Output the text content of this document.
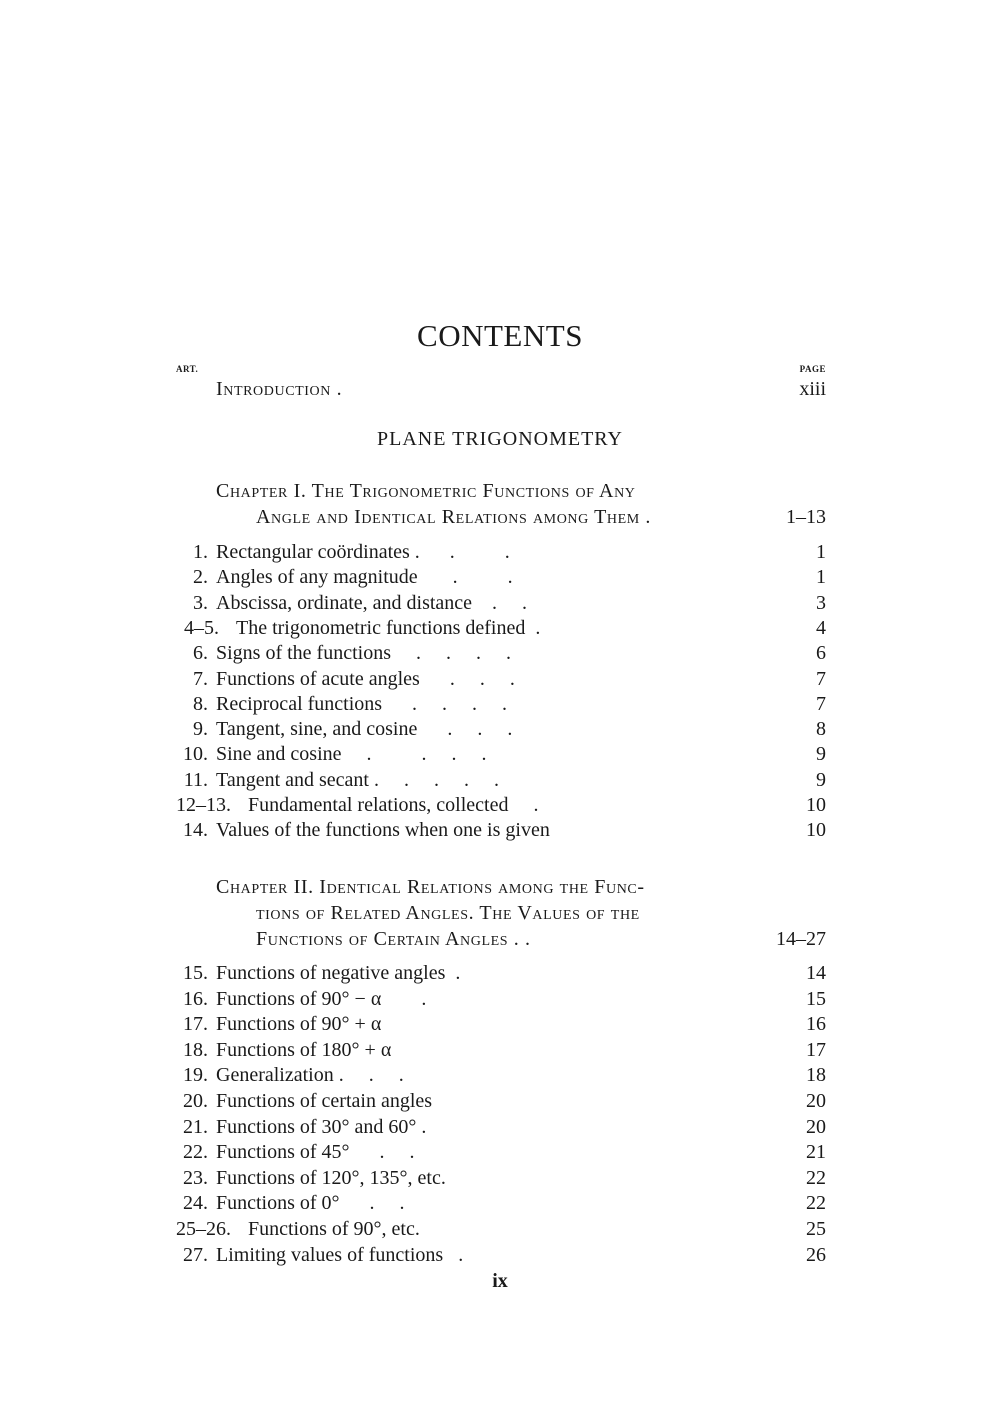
CONTENTS
ART.	PAGE
Introduction .	xiii
PLANE TRIGONOMETRY
Chapter I. The Trigonometric Functions of Any
Angle and Identical Relations among Them .	1–13
1. Rectangular coördinates .      .          .	1
2. Angles of any magnitude       .          .	1
3. Abscissa, ordinate, and distance    .     .	3
4–5. The trigonometric functions defined  .	4
6. Signs of the functions     .     .     .     .	6
7. Functions of acute angles      .     .     .	7
8. Reciprocal functions      .     .     .     .	7
9. Tangent, sine, and cosine      .     .     .	8
10. Sine and cosine     .          .     .     .	9
11. Tangent and secant .     .     .     .     .	9
12–13. Fundamental relations, collected     .	10
14. Values of the functions when one is given	10
Chapter II. Identical Relations among the Func-
tions of Related Angles. The Values of the
Functions of Certain Angles . .	14–27
15. Functions of negative angles  .	14
16. Functions of 90° − α        .	15
17. Functions of 90° + α	16
18. Functions of 180° + α	17
19. Generalization .     .     .	18
20. Functions of certain angles	20
21. Functions of 30° and 60° .	20
22. Functions of 45°      .     .	21
23. Functions of 120°, 135°, etc.	22
24. Functions of 0°      .     .	22
25–26. Functions of 90°, etc.	25
27. Limiting values of functions   .	26
ix
